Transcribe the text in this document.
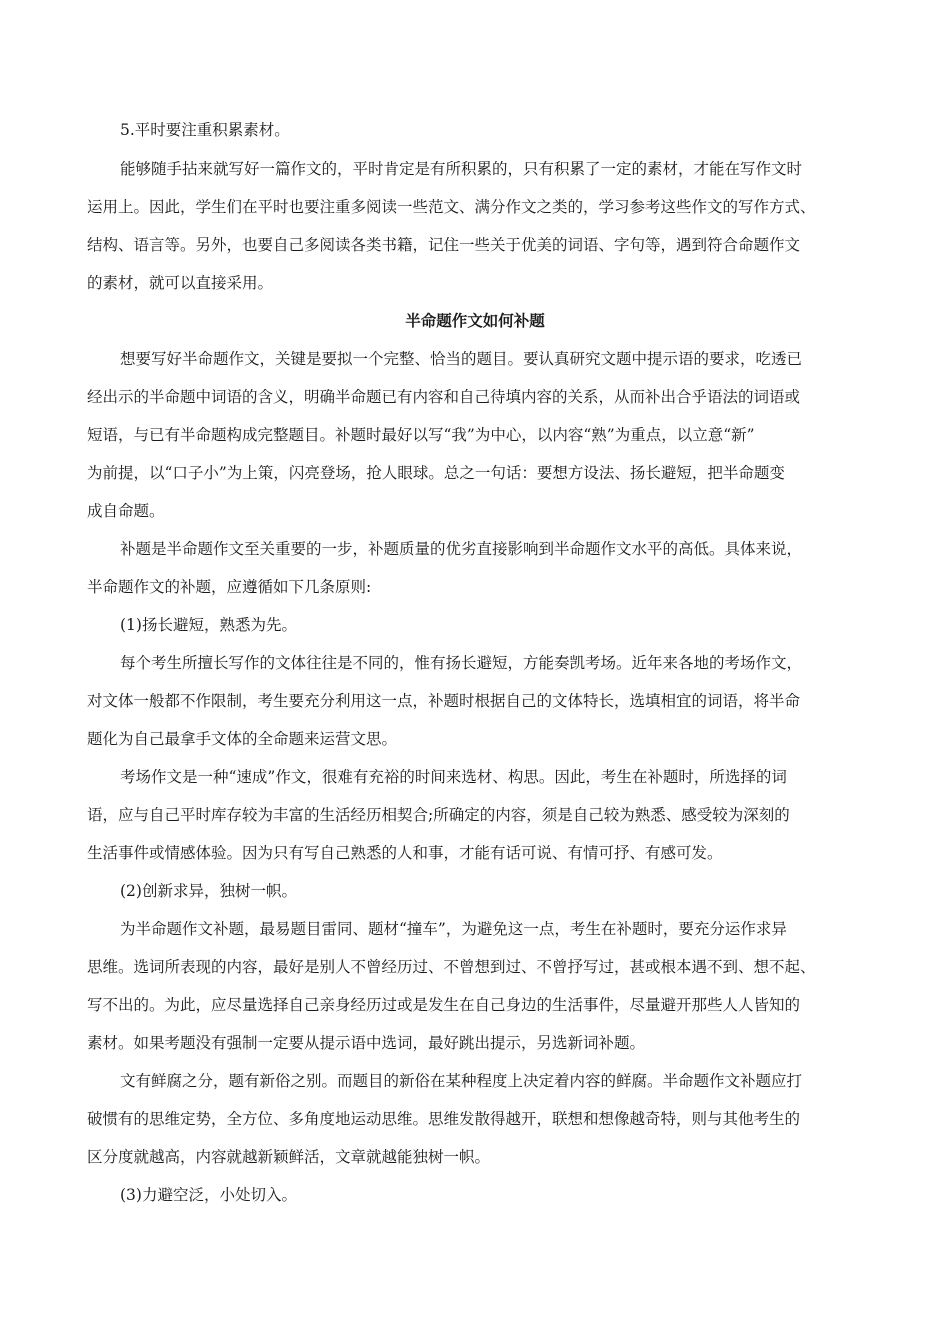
5.平时要注重积累素材。
能够随手拈来就写好一篇作文的，平时肯定是有所积累的，只有积累了一定的素材，才能在写作文时
运用上。因此，学生们在平时也要注重多阅读一些范文、满分作文之类的，学习参考这些作文的写作方式、
结构、语言等。另外，也要自己多阅读各类书籍，记住一些关于优美的词语、字句等，遇到符合命题作文
的素材，就可以直接采用。
半命题作文如何补题
想要写好半命题作文，关键是要拟一个完整、恰当的题目。要认真研究文题中提示语的要求，吃透已
经出示的半命题中词语的含义，明确半命题已有内容和自己待填内容的关系，从而补出合乎语法的词语或
短语，与已有半命题构成完整题目。补题时最好以写“我”为中心，以内容“熟”为重点，以立意“新”
为前提，以“口子小”为上策，闪亮登场，抢人眼球。总之一句话：要想方设法、扬长避短，把半命题变
成自命题。
补题是半命题作文至关重要的一步，补题质量的优劣直接影响到半命题作文水平的高低。具体来说，
半命题作文的补题，应遵循如下几条原则:
(1)扬长避短，熟悉为先。
每个考生所擅长写作的文体往往是不同的，惟有扬长避短，方能奏凯考场。近年来各地的考场作文，
对文体一般都不作限制，考生要充分利用这一点，补题时根据自己的文体特长，选填相宜的词语，将半命
题化为自己最拿手文体的全命题来运营文思。
考场作文是一种“速成”作文，很难有充裕的时间来选材、构思。因此，考生在补题时，所选择的词
语，应与自己平时库存较为丰富的生活经历相契合;所确定的内容，须是自己较为熟悉、感受较为深刻的
生活事件或情感体验。因为只有写自己熟悉的人和事，才能有话可说、有情可抒、有感可发。
(2)创新求异，独树一帜。
为半命题作文补题，最易题目雷同、题材“撞车”，为避免这一点，考生在补题时，要充分运作求异
思维。选词所表现的内容，最好是别人不曾经历过、不曾想到过、不曾抒写过，甚或根本遇不到、想不起、
写不出的。为此，应尽量选择自己亲身经历过或是发生在自己身边的生活事件，尽量避开那些人人皆知的
素材。如果考题没有强制一定要从提示语中选词，最好跳出提示，另选新词补题。
文有鲜腐之分，题有新俗之别。而题目的新俗在某种程度上决定着内容的鲜腐。半命题作文补题应打
破惯有的思维定势，全方位、多角度地运动思维。思维发散得越开，联想和想像越奇特，则与其他考生的
区分度就越高，内容就越新颖鲜活，文章就越能独树一帜。
(3)力避空泛，小处切入。
